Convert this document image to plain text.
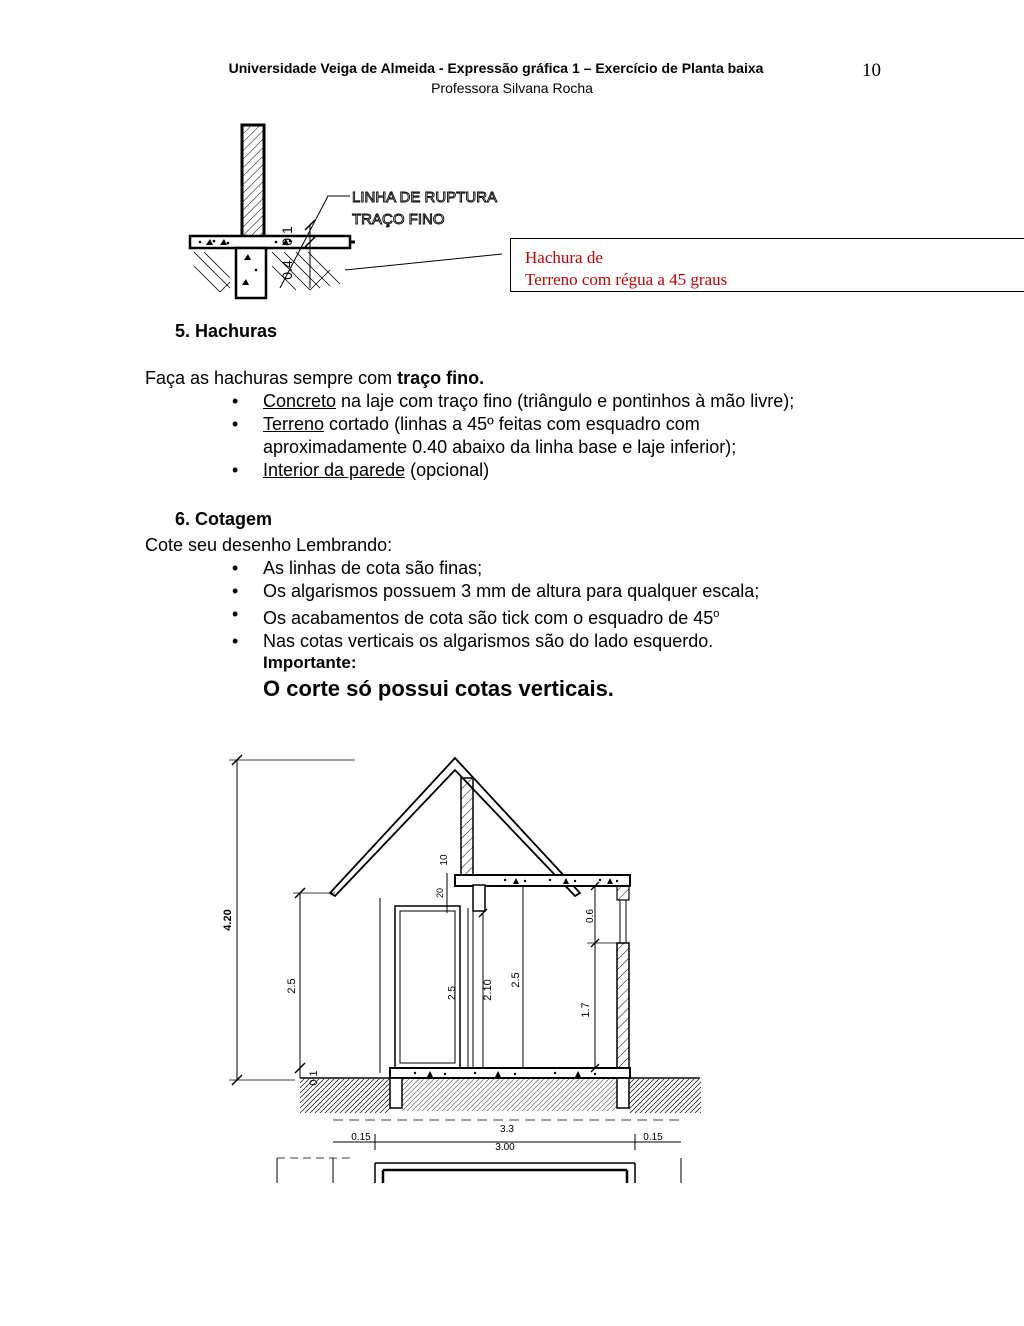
Universidade Veiga de Almeida - Expressão gráfica 1 – Exercício de Planta baixa
Professora Silvana Rocha
10
0.1
0.4
LINHA DE RUPTURA
TRAÇO FINO
Hachura de
Terreno com régua a 45 graus
5. Hachuras
Faça as hachuras sempre com traço fino.
• Concreto na laje com traço fino (triângulo e pontinhos à mão livre);
• Terreno cortado (linhas a 45º feitas com esquadro com aproximadamente 0.40 abaixo da linha base e laje inferior);
• Interior da parede (opcional)
6. Cotagem
Cote seu desenho Lembrando:
• As linhas de cota são finas;
• Os algarismos possuem 3 mm de altura para qualquer escala;
• Os acabamentos de cota são tick com o esquadro de 45$^o$
• Nas cotas verticais os algarismos são do lado esquerdo.
Importante:
O corte só possui cotas verticais.
2.5
4.20
2.5
0.1
10
20
2.10 2.5
0.6
1.7
3.3
0.15
3.00
0.15
